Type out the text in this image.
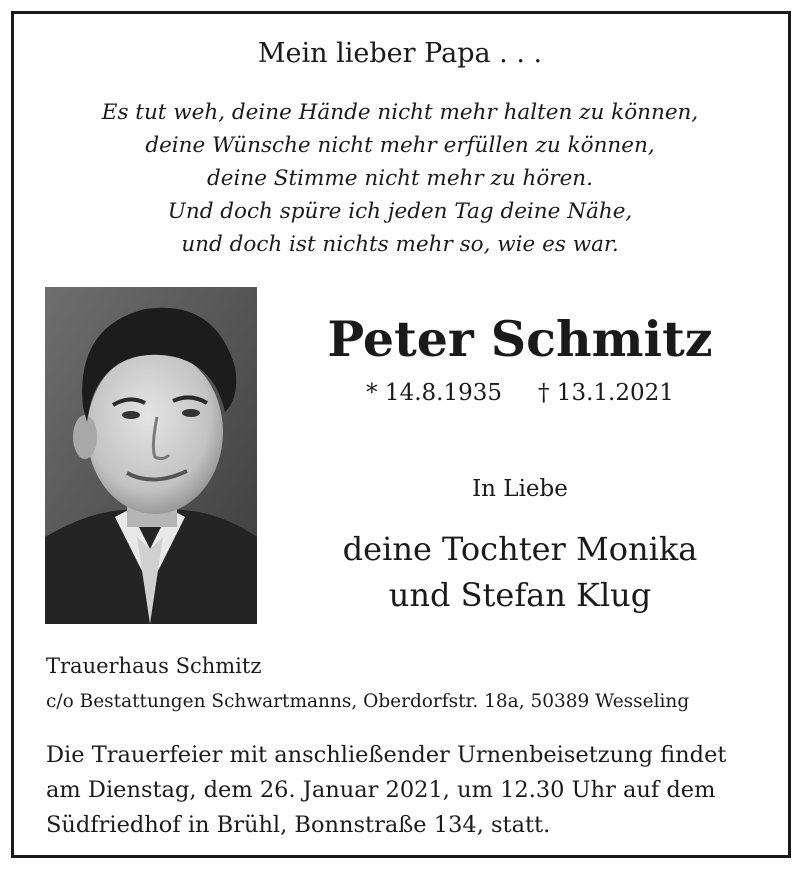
Mein lieber Papa . . .
Es tut weh, deine Hände nicht mehr halten zu können,
deine Wünsche nicht mehr erfüllen zu können,
deine Stimme nicht mehr zu hören.
Und doch spüre ich jeden Tag deine Nähe,
und doch ist nichts mehr so, wie es war.
Peter Schmitz
* 14.8.1935 † 13.1.2021
In Liebe
deine Tochter Monika
und Stefan Klug
Trauerhaus Schmitz
c/o Bestattungen Schwartmanns, Oberdorfstr. 18a, 50389 Wesseling
Die Trauerfeier mit anschließender Urnenbeisetzung findet
am Dienstag, dem 26. Januar 2021, um 12.30 Uhr auf dem
Südfriedhof in Brühl, Bonnstraße 134, statt.
